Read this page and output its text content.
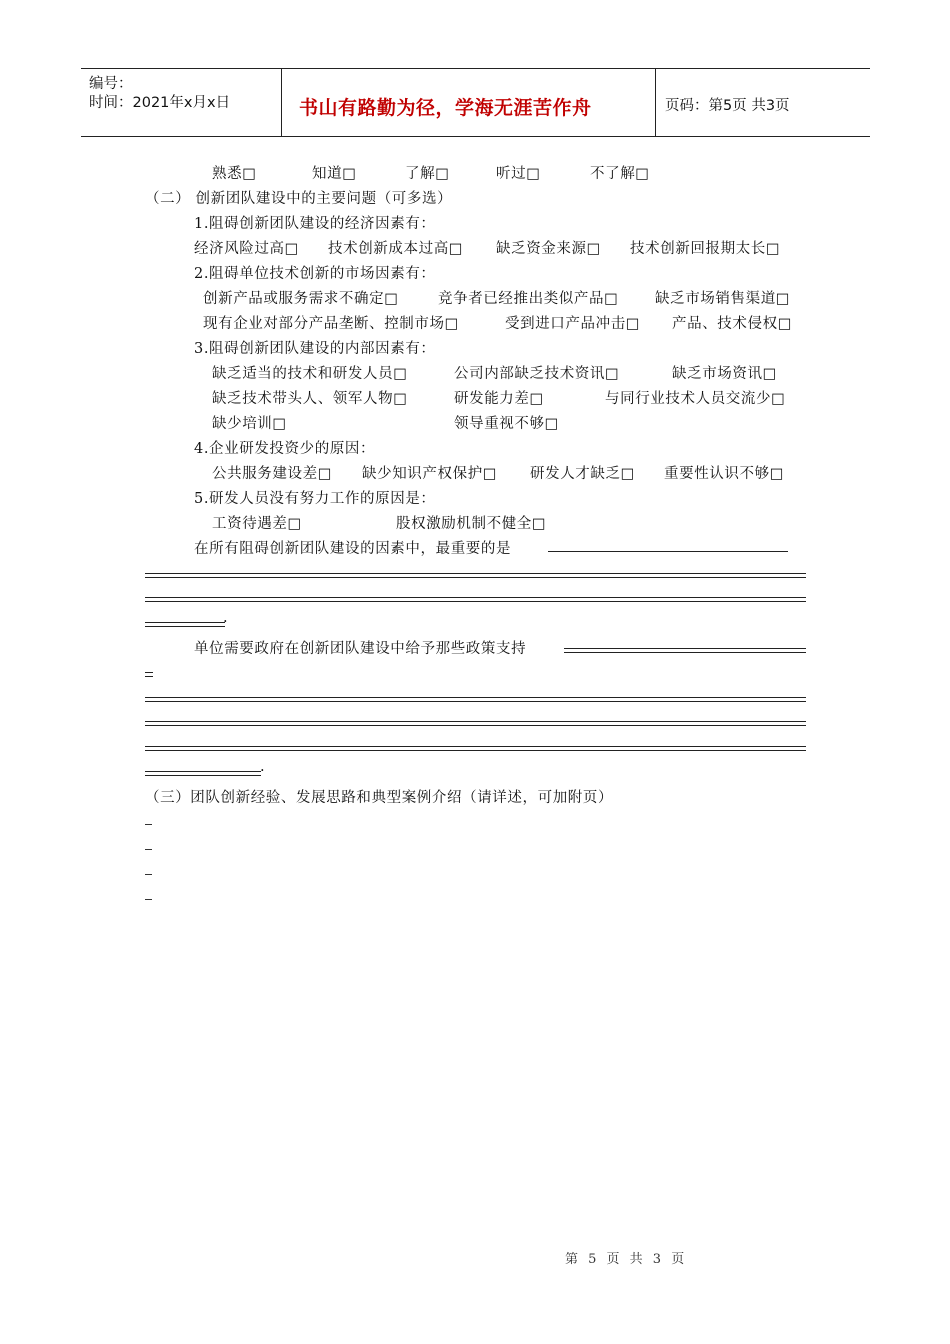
编号：
时间：2021年x月x日	书山有路勤为径，学海无涯苦作舟	页码：第5页 共3页
熟悉□	知道□	了解□	听过□	不了解□
（二） 创新团队建设中的主要问题（可多选）
1.阻碍创新团队建设的经济因素有：
经济风险过高□ 技术创新成本过高□ 缺乏资金来源□ 技术创新回报期太长□
2.阻碍单位技术创新的市场因素有：
创新产品或服务需求不确定□	竞争者已经推出类似产品□	缺乏市场销售渠道□
现有企业对部分产品垄断、控制市场□	受到进口产品冲击□ 产品、技术侵权□
3.阻碍创新团队建设的内部因素有：
缺乏适当的技术和研发人员□	公司内部缺乏技术资讯□	缺乏市场资讯□
缺乏技术带头人、领军人物□	研发能力差□	与同行业技术人员交流少□
缺少培训□	领导重视不够□
4.企业研发投资少的原因：
公共服务建设差□ 缺少知识产权保护□ 研发人才缺乏□ 重要性认识不够□
5.研发人员没有努力工作的原因是：
工资待遇差□	股权激励机制不健全□
在所有阻碍创新团队建设的因素中，最重要的是
.
单位需要政府在创新团队建设中给予那些政策支持
.
（三）团队创新经验、发展思路和典型案例介绍（请详述，可加附页）
第 5 页 共 3 页
